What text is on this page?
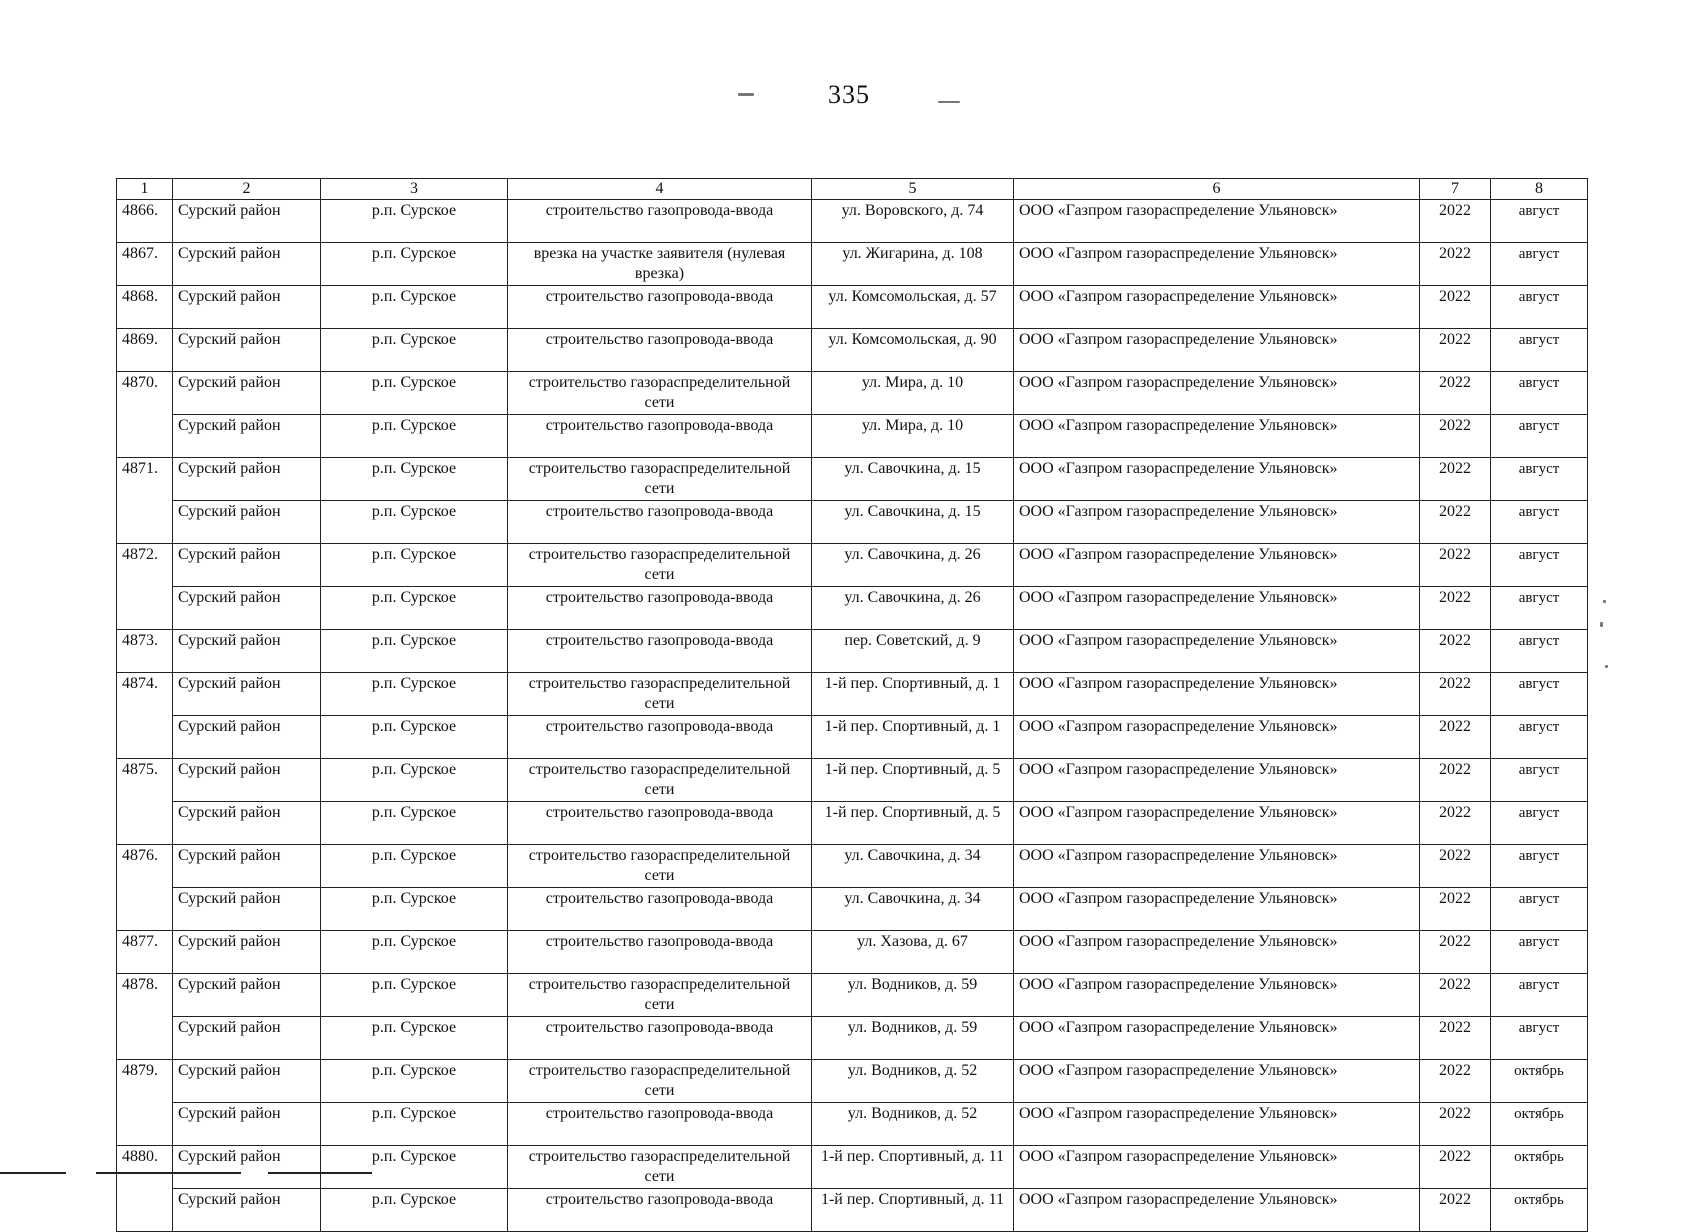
335
1	2	3	4	5	6	7	8
4866.	Сурский район	р.п. Сурское	строительство газопровода-ввода	ул. Воровского, д. 74	ООО «Газпром газораспределение Ульяновск»	2022	август
4867.	Сурский район	р.п. Сурское	врезка на участке заявителя (нулевая врезка)	ул. Жигарина, д. 108	ООО «Газпром газораспределение Ульяновск»	2022	август
4868.	Сурский район	р.п. Сурское	строительство газопровода-ввода	ул. Комсомольская, д. 57	ООО «Газпром газораспределение Ульяновск»	2022	август
4869.	Сурский район	р.п. Сурское	строительство газопровода-ввода	ул. Комсомольская, д. 90	ООО «Газпром газораспределение Ульяновск»	2022	август
4870.	Сурский район	р.п. Сурское	строительство газораспределительной сети	ул. Мира, д. 10	ООО «Газпром газораспределение Ульяновск»	2022	август
	Сурский район	р.п. Сурское	строительство газопровода-ввода	ул. Мира, д. 10	ООО «Газпром газораспределение Ульяновск»	2022	август
4871.	Сурский район	р.п. Сурское	строительство газораспределительной сети	ул. Савочкина, д. 15	ООО «Газпром газораспределение Ульяновск»	2022	август
	Сурский район	р.п. Сурское	строительство газопровода-ввода	ул. Савочкина, д. 15	ООО «Газпром газораспределение Ульяновск»	2022	август
4872.	Сурский район	р.п. Сурское	строительство газораспределительной сети	ул. Савочкина, д. 26	ООО «Газпром газораспределение Ульяновск»	2022	август
	Сурский район	р.п. Сурское	строительство газопровода-ввода	ул. Савочкина, д. 26	ООО «Газпром газораспределение Ульяновск»	2022	август
4873.	Сурский район	р.п. Сурское	строительство газопровода-ввода	пер. Советский, д. 9	ООО «Газпром газораспределение Ульяновск»	2022	август
4874.	Сурский район	р.п. Сурское	строительство газораспределительной сети	1-й пер. Спортивный, д. 1	ООО «Газпром газораспределение Ульяновск»	2022	август
	Сурский район	р.п. Сурское	строительство газопровода-ввода	1-й пер. Спортивный, д. 1	ООО «Газпром газораспределение Ульяновск»	2022	август
4875.	Сурский район	р.п. Сурское	строительство газораспределительной сети	1-й пер. Спортивный, д. 5	ООО «Газпром газораспределение Ульяновск»	2022	август
	Сурский район	р.п. Сурское	строительство газопровода-ввода	1-й пер. Спортивный, д. 5	ООО «Газпром газораспределение Ульяновск»	2022	август
4876.	Сурский район	р.п. Сурское	строительство газораспределительной сети	ул. Савочкина, д. 34	ООО «Газпром газораспределение Ульяновск»	2022	август
	Сурский район	р.п. Сурское	строительство газопровода-ввода	ул. Савочкина, д. 34	ООО «Газпром газораспределение Ульяновск»	2022	август
4877.	Сурский район	р.п. Сурское	строительство газопровода-ввода	ул. Хазова, д. 67	ООО «Газпром газораспределение Ульяновск»	2022	август
4878.	Сурский район	р.п. Сурское	строительство газораспределительной сети	ул. Водников, д. 59	ООО «Газпром газораспределение Ульяновск»	2022	август
	Сурский район	р.п. Сурское	строительство газопровода-ввода	ул. Водников, д. 59	ООО «Газпром газораспределение Ульяновск»	2022	август
4879.	Сурский район	р.п. Сурское	строительство газораспределительной сети	ул. Водников, д. 52	ООО «Газпром газораспределение Ульяновск»	2022	октябрь
	Сурский район	р.п. Сурское	строительство газопровода-ввода	ул. Водников, д. 52	ООО «Газпром газораспределение Ульяновск»	2022	октябрь
4880.	Сурский район	р.п. Сурское	строительство газораспределительной сети	1-й пер. Спортивный, д. 11	ООО «Газпром газораспределение Ульяновск»	2022	октябрь
	Сурский район	р.п. Сурское	строительство газопровода-ввода	1-й пер. Спортивный, д. 11	ООО «Газпром газораспределение Ульяновск»	2022	октябрь
